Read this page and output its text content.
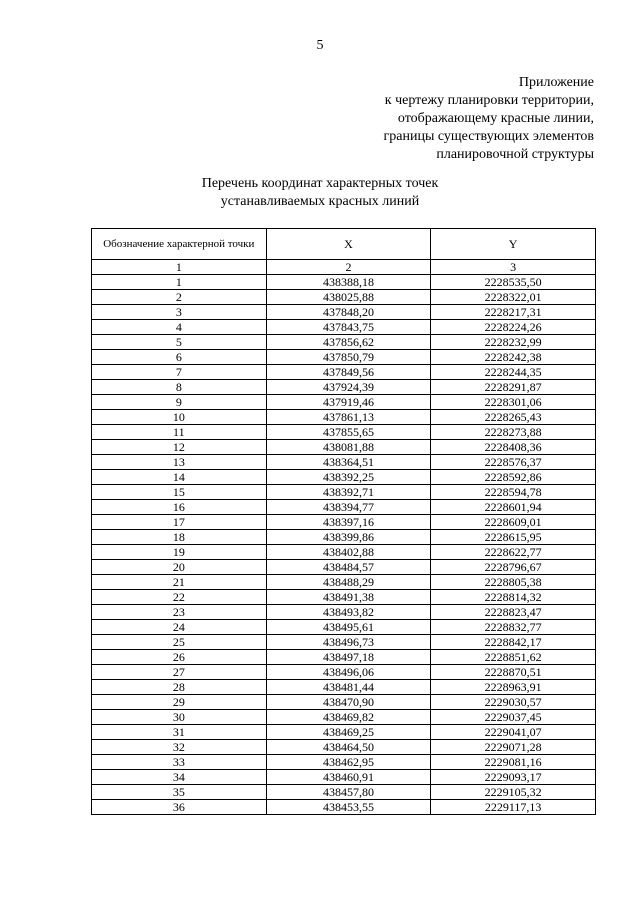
5
Приложение
к чертежу планировки территории,
отображающему красные линии,
границы существующих элементов
планировочной структуры
Перечень координат характерных точек
устанавливаемых красных линий
Обозначение характерной точки	X	Y
1	2	3
1	438388,18	2228535,50
2	438025,88	2228322,01
3	437848,20	2228217,31
4	437843,75	2228224,26
5	437856,62	2228232,99
6	437850,79	2228242,38
7	437849,56	2228244,35
8	437924,39	2228291,87
9	437919,46	2228301,06
10	437861,13	2228265,43
11	437855,65	2228273,88
12	438081,88	2228408,36
13	438364,51	2228576,37
14	438392,25	2228592,86
15	438392,71	2228594,78
16	438394,77	2228601,94
17	438397,16	2228609,01
18	438399,86	2228615,95
19	438402,88	2228622,77
20	438484,57	2228796,67
21	438488,29	2228805,38
22	438491,38	2228814,32
23	438493,82	2228823,47
24	438495,61	2228832,77
25	438496,73	2228842,17
26	438497,18	2228851,62
27	438496,06	2228870,51
28	438481,44	2228963,91
29	438470,90	2229030,57
30	438469,82	2229037,45
31	438469,25	2229041,07
32	438464,50	2229071,28
33	438462,95	2229081,16
34	438460,91	2229093,17
35	438457,80	2229105,32
36	438453,55	2229117,13
